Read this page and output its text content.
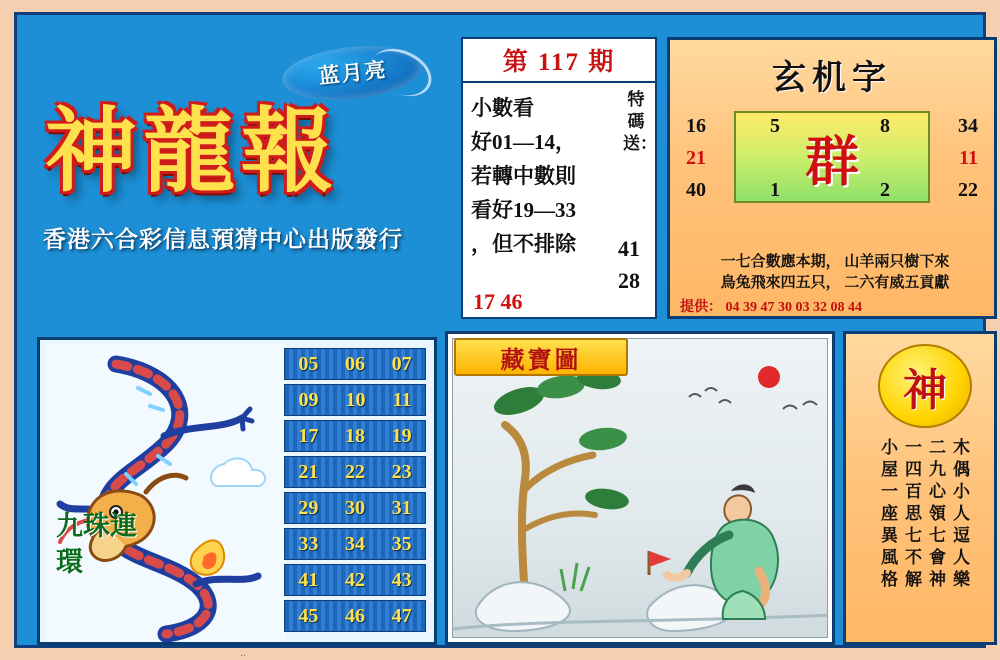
蓝月亮
神龍報
香港六合彩信息預猜中心出版發行
第 117 期
小數看
好01—14，
若轉中數則
看好19—33
，但不排除
特碼送：
41
28
17 46
玄机字
群
16
21
40
5	8
1	2
34
11
22
一七合數應本期， 山羊兩只樹下來
鳥兔飛來四五只， 二六有威五貢獻
提供： 04 39 47 30 03 32 08 44
九珠連環
05 06 07
09 10 11
17 18 19
21 22 23
29 30 31
33 34 35
41 42 43
45 46 47
藏寶圖
神
木偶小人逗人樂
二九心領七會神
一四百思七不解
小屋一座異風格
..
